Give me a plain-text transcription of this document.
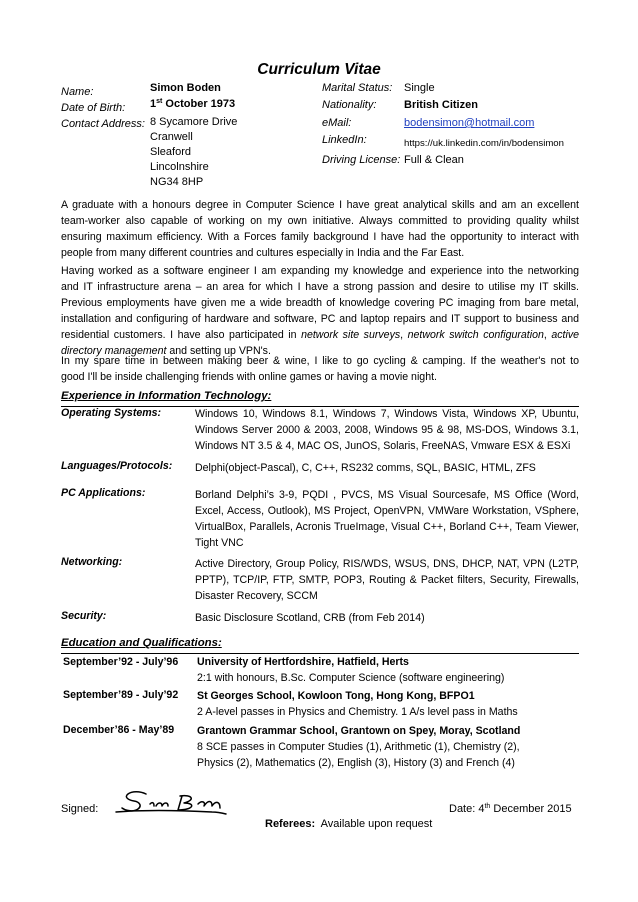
Curriculum Vitae
Name:	Simon Boden
Date of Birth: 1st October 1973
Contact Address: 8 Sycamore Drive
Cranwell
Sleaford
Lincolnshire
NG34 8HP
Marital Status: Single
Nationality:	British Citizen
eMail:	bodensimon@hotmail.com
LinkedIn:	https://uk.linkedin.com/in/bodensimon
Driving License: Full & Clean
A graduate with a honours degree in Computer Science I have great analytical skills and am an excellent
team-worker also capable of working on my own initiative. Always committed to providing quality whilst
ensuring maximum efficiency. With a Forces family background I have had the opportunity to interact with
people from many different countries and cultures especially in India and the Far East.
Having worked as a software engineer I am expanding my knowledge and experience into the networking
and IT infrastructure arena – an area for which I have a strong passion and desire to utilise my IT skills.
Previous employments have given me a wide breadth of knowledge covering PC imaging from bare metal,
installation and configuring of hardware and software, PC and laptop repairs and IT support to business and
residential customers. I have also participated in network site surveys, network switch configuration, active
directory management and setting up VPN's.
In my spare time in between making beer & wine, I like to go cycling & camping. If the weather's not to
good I'll be inside challenging friends with online games or having a movie night.
Experience in Information Technology:
Operating Systems:	Windows 10, Windows 8.1, Windows 7, Windows Vista, Windows XP, Ubuntu,
Windows Server 2000 & 2003, 2008, Windows 95 & 98, MS-DOS, Windows 3.1,
Windows NT 3.5 & 4, MAC OS, JunOS, Solaris, FreeNAS, Vmware ESX & ESXi
Languages/Protocols: Delphi(object-Pascal), C, C++, RS232 comms, SQL, BASIC, HTML, ZFS
PC Applications:	Borland Delphi’s 3-9, PQDI , PVCS, MS Visual Sourcesafe, MS Office (Word,
Excel, Access, Outlook), MS Project, OpenVPN, VMWare Workstation, VSphere,
VirtualBox, Parallels, Acronis TrueImage, Visual C++, Borland C++, Team Viewer,
Tight VNC
Networking:	Active Directory, Group Policy, RIS/WDS, WSUS, DNS, DHCP, NAT, VPN (L2TP,
PPTP), TCP/IP, FTP, SMTP, POP3, Routing & Packet filters, Security, Firewalls,
Disaster Recovery, SCCM
Security:	Basic Disclosure Scotland, CRB (from Feb 2014)
Education and Qualifications:
September’92 - July’96 University of Hertfordshire, Hatfield, Herts
2:1 with honours, B.Sc. Computer Science (software engineering)
September’89 - July’92 St Georges School, Kowloon Tong, Hong Kong, BFPO1
2 A-level passes in Physics and Chemistry. 1 A/s level pass in Maths
December’86 - May’89 Grantown Grammar School, Grantown on Spey, Moray, Scotland
8 SCE passes in Computer Studies (1), Arithmetic (1), Chemistry (2),
Physics (2), Mathematics (2), English (3), History (3) and French (4)
Signed:	Date: 4th December 2015
Referees:  Available upon request
